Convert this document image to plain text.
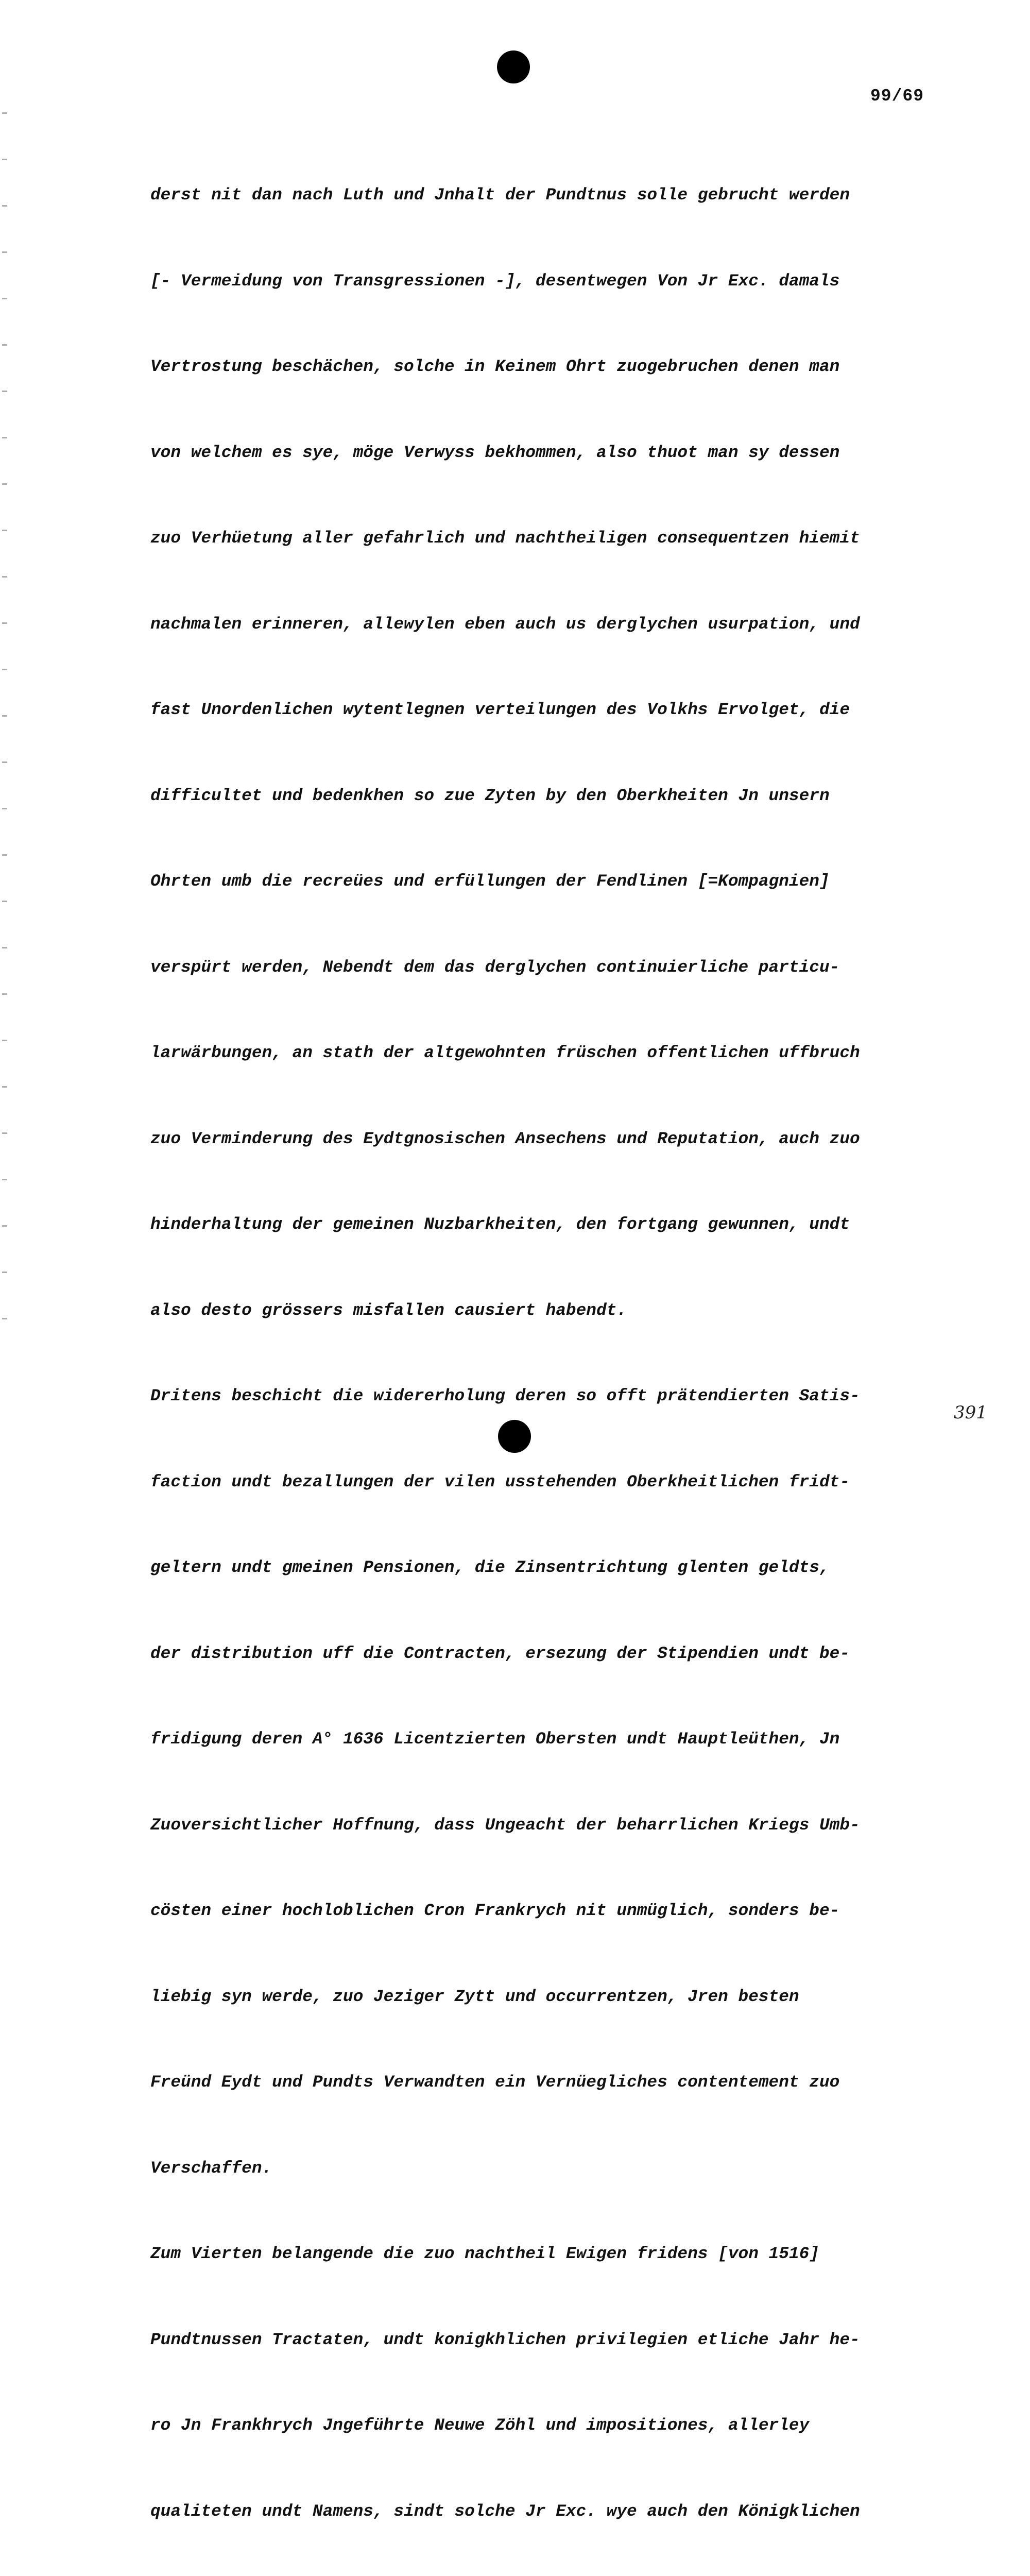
99/69

derst nit dan nach Luth und Jnhalt der Pundtnus solle gebrucht werden

[- Vermeidung von Transgressionen -], desentwegen Von Jr Exc. damals

Vertrostung beschächen, solche in Keinem Ohrt zuogebruchen denen man

von welchem es sye, möge Verwyss bekhommen, also thuot man sy dessen

zuo Verhüetung aller gefahrlich und nachtheiligen consequentzen hiemit

nachmalen erinneren, allewylen eben auch us derglychen usurpation, und

fast Unordenlichen wytentlegnen verteilungen des Volkhs Ervolget, die

difficultet und bedenkhen so zue Zyten by den Oberkheiten Jn unsern

Ohrten umb die recreües und erfüllungen der Fendlinen [=Kompagnien]

verspürt werden, Nebendt dem das derglychen continuierliche particu-

larwärbungen, an stath der altgewohnten früschen offentlichen uffbruch

zuo Verminderung des Eydtgnosischen Ansechens und Reputation, auch zuo

hinderhaltung der gemeinen Nuzbarkheiten, den fortgang gewunnen, undt

also desto grössers misfallen causiert habendt.

Dritens beschicht die widererholung deren so offt prätendierten Satis-

faction undt bezallungen der vilen usstehenden Oberkheitlichen fridt-

geltern undt gmeinen Pensionen, die Zinsentrichtung glenten geldts,

der distribution uff die Contracten, ersezung der Stipendien undt be-

fridigung deren A° 1636 Licentzierten Obersten undt Hauptleüthen, Jn

Zuoversichtlicher Hoffnung, dass Ungeacht der beharrlichen Kriegs Umb-

cösten einer hochloblichen Cron Frankrych nit unmüglich, sonders be-

liebig syn werde, zuo Jeziger Zytt und occurrentzen, Jren besten

Freünd Eydt und Pundts Verwandten ein Vernüegliches contentement zuo

Verschaffen.

Zum Vierten belangende die zuo nachtheil Ewigen fridens [von 1516]

Pundtnussen Tractaten, undt konigkhlichen privilegien etliche Jahr he-

ro Jn Frankhrych Jngeführte Neuwe Zöhl und impositiones, allerley

qualiteten undt Namens, sindt solche Jr Exc. wye auch den Königklichen

391
